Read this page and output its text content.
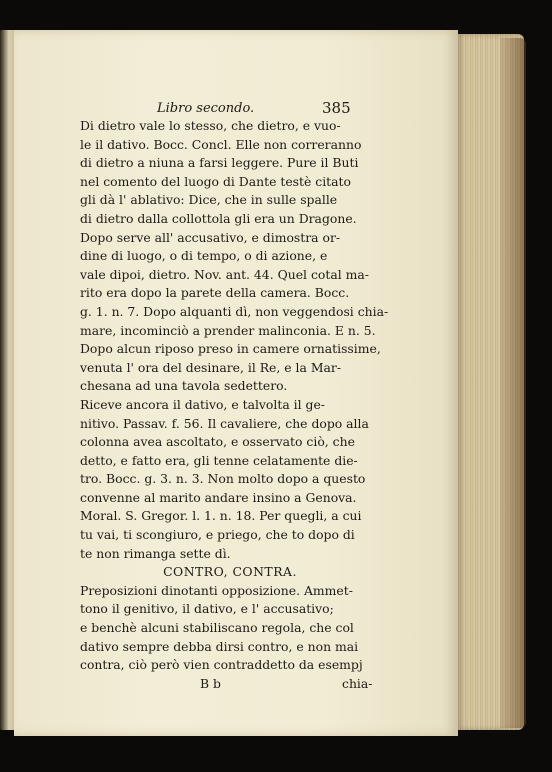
Libro secondo.	385
Di dietro vale lo stesso, che dietro, e vuo-
le il dativo. Bocc. Concl. Elle non correranno
di dietro a niuna a farsi leggere. Pure il Buti
nel comento del luogo di Dante testè citato
gli dà l' ablativo: Dice, che in sulle spalle
di dietro dalla collottola gli era un Dragone.
Dopo serve all' accusativo, e dimostra or-
dine di luogo, o di tempo, o di azione, e
vale dipoi, dietro. Nov. ant. 44. Quel cotal ma-
rito era dopo la parete della camera. Bocc.
g. 1. n. 7. Dopo alquanti dì, non veggendosi chia-
mare, incominciò a prender malinconia. E n. 5.
Dopo alcun riposo preso in camere ornatissime,
venuta l' ora del desinare, il Re, e la Mar-
chesana ad una tavola sedettero.
Riceve ancora il dativo, e talvolta il ge-
nitivo. Passav. f. 56. Il cavaliere, che dopo alla
colonna avea ascoltato, e osservato ciò, che
detto, e fatto era, gli tenne celatamente die-
tro. Bocc. g. 3. n. 3. Non molto dopo a questo
convenne al marito andare insino a Genova.
Moral. S. Gregor. l. 1. n. 18. Per quegli, a cui
tu vai, ti scongiuro, e priego, che to dopo di
te non rimanga sette dì.
CONTRO, CONTRA.
Preposizioni dinotanti opposizione. Ammet-
tono il genitivo, il dativo, e l' accusativo;
e benchè alcuni stabiliscano regola, che col
dativo sempre debba dirsi contro, e non mai
contra, ciò però vien contraddetto da esempj
B b	chia-
